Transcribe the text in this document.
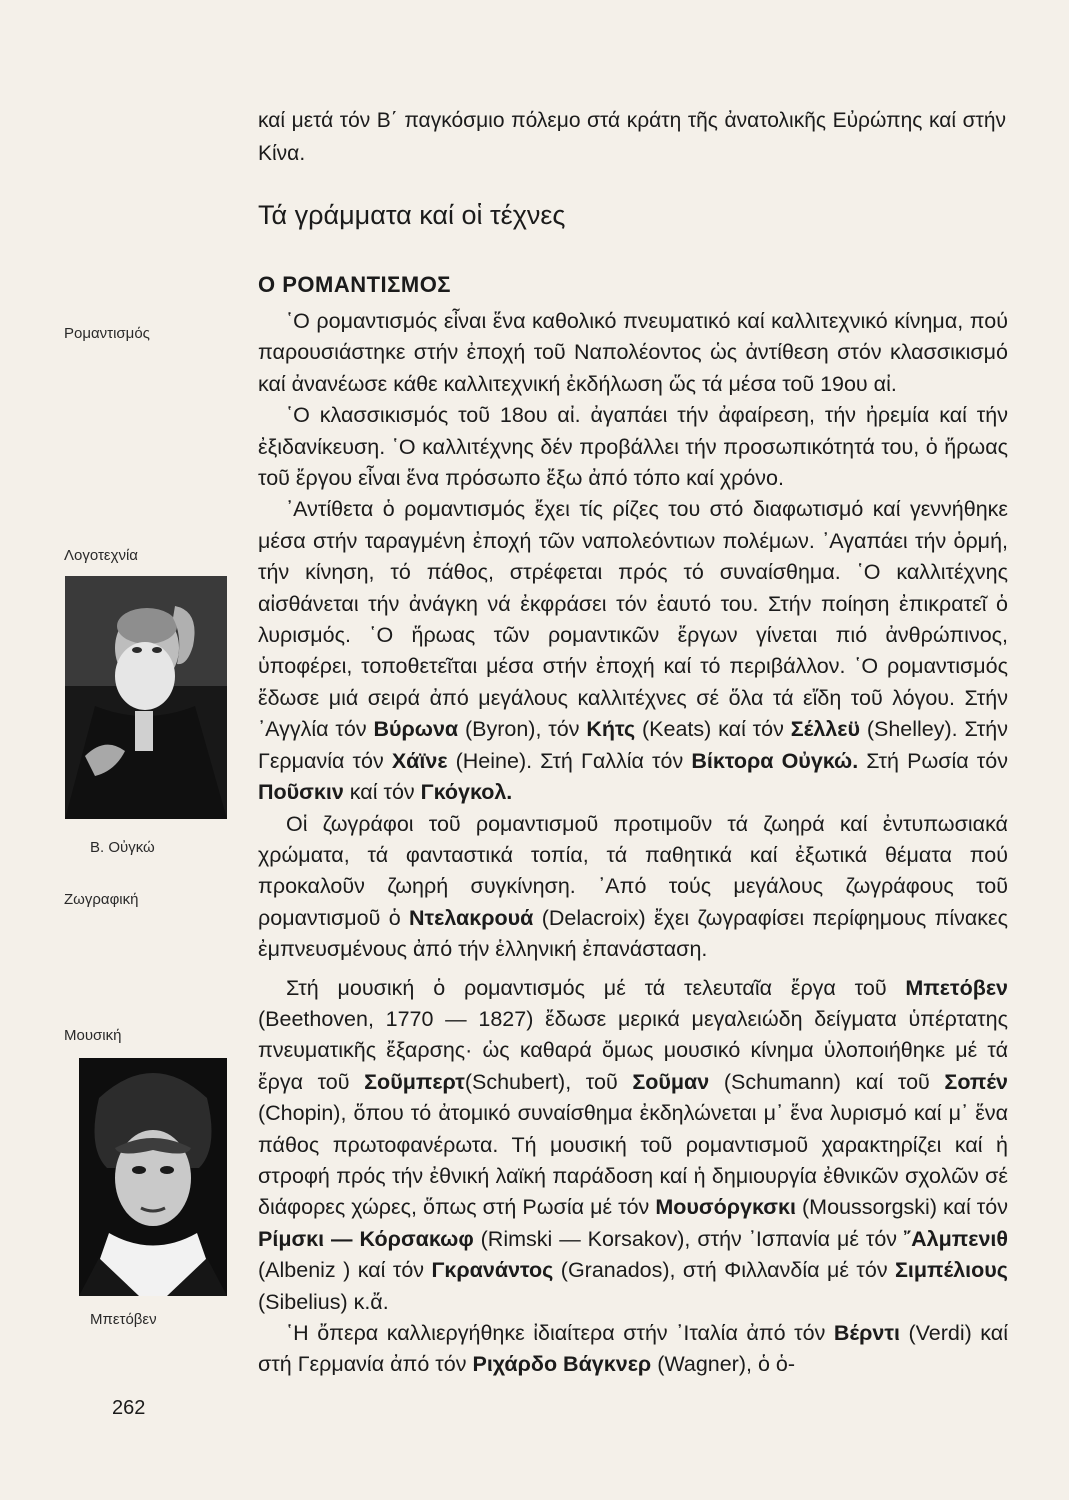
καί μετά τόν Β΄ παγκόσμιο πόλεμο στά κράτη τῆς ἀνατολικῆς Εὐρώπης καί στήν Κίνα.

Τά γράμματα καί οἱ τέχνες
Ο ΡΟΜΑΝΤΙΣΜΟΣ

῾Ο ρομαντισμός εἶναι ἕνα καθολικό πνευματικό καί καλλιτεχνικό κίνημα, πού παρουσιάστηκε στήν ἐποχή τοῦ Ναπολέοντος ὡς ἀντίθεση στόν κλασσικισμό καί ἀνανέωσε κάθε καλλιτεχνική ἐκδήλωση ὥς τά μέσα τοῦ 19ου αἰ.

῾Ο κλασσικισμός τοῦ 18ου αἰ. ἀγαπάει τήν ἀφαίρεση, τήν ἠρεμία καί τήν ἐξιδανίκευση. ῾Ο καλλιτέχνης δέν προβάλλει τήν προσωπικότητά του, ὁ ἥρωας τοῦ ἔργου εἶναι ἕνα πρόσωπο ἔξω ἀπό τόπο καί χρόνο.

᾽Αντίθετα ὁ ρομαντισμός ἔχει τίς ρίζες του στό διαφωτισμό καί γεννήθηκε μέσα στήν ταραγμένη ἐποχή τῶν ναπολεόντιων πολέμων. ᾽Αγαπάει τήν ὁρμή, τήν κίνηση, τό πάθος, στρέφεται πρός τό συναίσθημα. ῾Ο καλλιτέχνης αἰσθάνεται τήν ἀνάγκη νά ἐκφράσει τόν ἑαυτό του. Στήν ποίηση ἐπικρατεῖ ὁ λυρισμός. ῾Ο ἥρωας τῶν ρομαντικῶν ἔργων γίνεται πιό ἀνθρώπινος, ὑποφέρει, τοποθετεῖται μέσα στήν ἐποχή καί τό περιβάλλον. ῾Ο ρομαντισμός ἔδωσε μιά σειρά ἀπό μεγάλους καλλιτέχνες σέ ὅλα τά εἴδη τοῦ λόγου. Στήν ᾽Αγγλία τόν Βύρωνα (Byron), τόν Κήτς (Keats) καί τόν Σέλλεϋ (Shelley). Στήν Γερμανία τόν Χάϊνε (Heine). Στή Γαλλία τόν Βίκτορα Οὐγκώ. Στή Ρωσία τόν Ποῦσκιν καί τόν Γκόγκολ.

Οἱ ζωγράφοι τοῦ ρομαντισμοῦ προτιμοῦν τά ζωηρά καί ἐντυπωσιακά χρώματα, τά φανταστικά τοπία, τά παθητικά καί ἐξωτικά θέματα πού προκαλοῦν ζωηρή συγκίνηση. ᾽Από τούς μεγάλους ζωγράφους τοῦ ρομαντισμοῦ ὁ Ντελακρουά (Delacroix) ἔχει ζωγραφίσει περίφημους πίνακες ἐμπνευσμένους ἀπό τήν ἑλληνική ἐπανάσταση.

Στή μουσική ὁ ρομαντισμός μέ τά τελευταῖα ἔργα τοῦ Μπετόβεν (Beethoven, 1770 — 1827) ἔδωσε μερικά μεγαλειώδη δείγματα ὑπέρτατης πνευματικῆς ἔξαρσης· ὡς καθαρά ὅμως μουσικό κίνημα ὑλοποιήθηκε μέ τά ἔργα τοῦ Σοῦμπερτ(Schubert), τοῦ Σοῦμαν (Schumann) καί τοῦ Σοπέν (Chopin), ὅπου τό ἀτομικό συναίσθημα ἐκδηλώνεται μ᾽ ἕνα λυρισμό καί μ᾽ ἕνα πάθος πρωτοφανέρωτα. Τή μουσική τοῦ ρομαντισμοῦ χαρακτηρίζει καί ἡ στροφή πρός τήν ἐθνική λαϊκή παράδοση καί ἡ δημιουργία ἐθνικῶν σχολῶν σέ διάφορες χώρες, ὅπως στή Ρωσία μέ τόν Μουσόργκσκι (Moussorgski) καί τόν Ρίμσκι — Κόρσακωφ (Rimski — Korsakov), στήν ᾽Ισπανία μέ τόν ῎Αλμπενιθ (Albeniz ) καί τόν Γκρανάντος (Granados), στή Φιλλανδία μέ τόν Σιμπέλιους (Sibelius) κ.ἄ.

῾Η ὄπερα καλλιεργήθηκε ἰδιαίτερα στήν ᾽Ιταλία ἀπό τόν Βέρντι (Verdi) καί στή Γερμανία ἀπό τόν Ριχάρδο Βάγκνερ (Wagner), ὁ ὁ-

Ρομαντισμός
Λογοτεχνία
Β. Οὐγκώ
Ζωγραφική
Μουσική
Μπετόβεν
262
